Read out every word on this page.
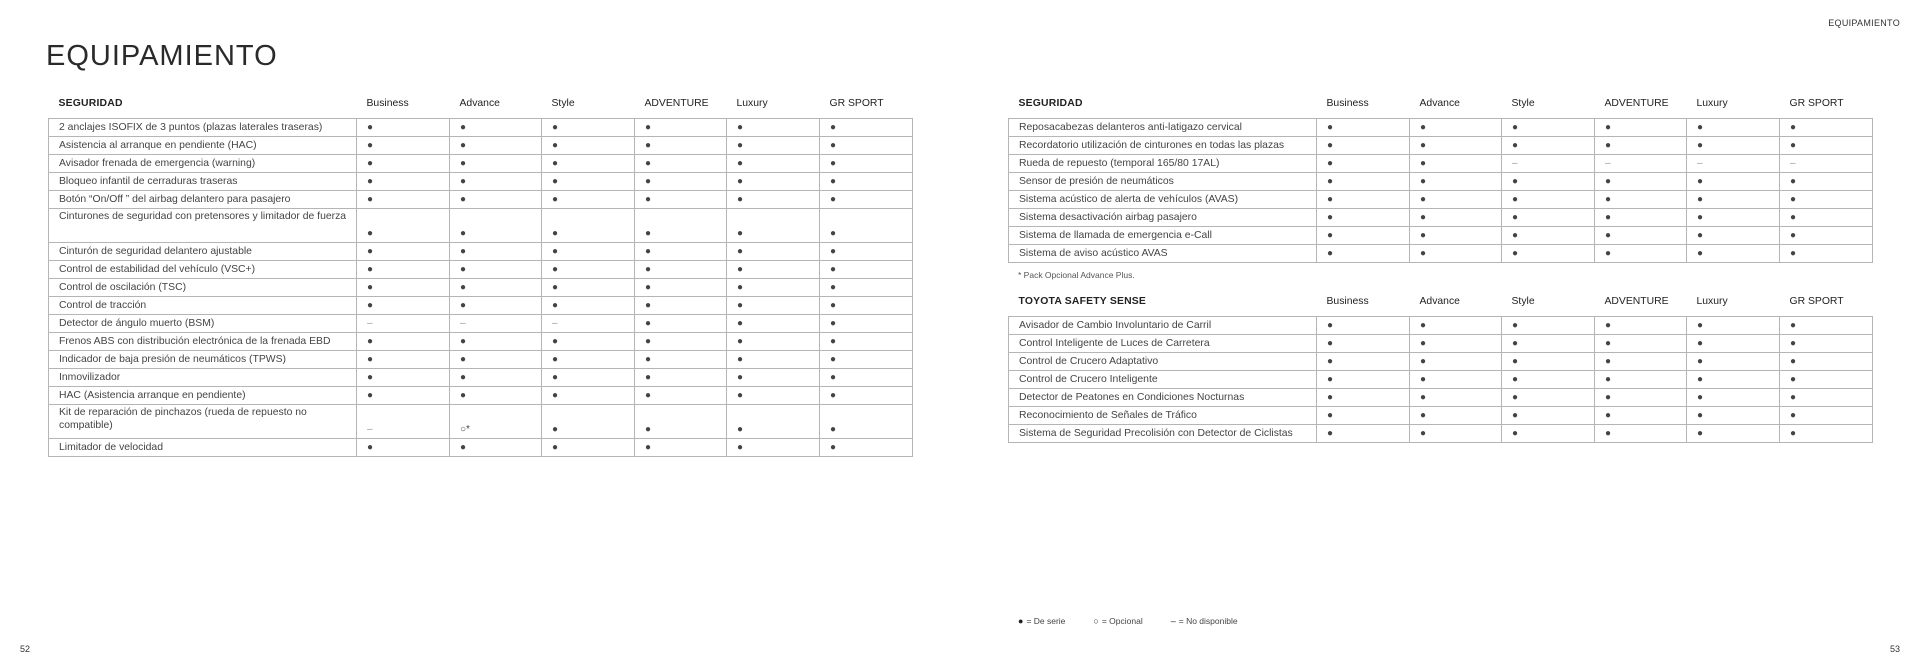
EQUIPAMIENTO
SEGURIDAD	Business	Advance	Style	ADVENTURE	Luxury	GR SPORT

2 anclajes ISOFIX de 3 puntos (plazas laterales traseras)	●	●	●	●	●	●
Asistencia al arranque en pendiente (HAC)	●	●	●	●	●	●
Avisador frenada de emergencia (warning)	●	●	●	●	●	●
Bloqueo infantil de cerraduras traseras	●	●	●	●	●	●
Botón “On/Off ” del airbag delantero para pasajero	●	●	●	●	●	●
Cinturones de seguridad con pretensores y limitador de fuerza	●	●	●	●	●	●
Cinturón de seguridad delantero ajustable	●	●	●	●	●	●
Control de estabilidad del vehículo (VSC+)	●	●	●	●	●	●
Control de oscilación (TSC)	●	●	●	●	●	●
Control de tracción	●	●	●	●	●	●
Detector de ángulo muerto (BSM)	–	–	–	●	●	●
Frenos ABS con distribución electrónica de la frenada EBD	●	●	●	●	●	●
Indicador de baja presión de neumáticos (TPWS)	●	●	●	●	●	●
Inmovilizador	●	●	●	●	●	●
HAC (Asistencia arranque en pendiente)	●	●	●	●	●	●
Kit de reparación de pinchazos (rueda de repuesto no compatible)	–	○*	●	●	●	●
Limitador de velocidad	●	●	●	●	●	●
52
EQUIPAMIENTO
SEGURIDAD	Business	Advance	Style	ADVENTURE	Luxury	GR SPORT

Reposacabezas delanteros anti-latigazo cervical	●	●	●	●	●	●
Recordatorio utilización de cinturones en todas las plazas	●	●	●	●	●	●
Rueda de repuesto (temporal 165/80 17AL)	●	●	–	–	–	–
Sensor de presión de neumáticos	●	●	●	●	●	●
Sistema acústico de alerta de vehículos (AVAS)	●	●	●	●	●	●
Sistema desactivación airbag pasajero	●	●	●	●	●	●
Sistema de llamada de emergencia e-Call	●	●	●	●	●	●
Sistema de aviso acústico AVAS	●	●	●	●	●	●

* Pack Opcional Advance Plus.

TOYOTA SAFETY SENSE	Business	Advance	Style	ADVENTURE	Luxury	GR SPORT

Avisador de Cambio Involuntario de Carril	●	●	●	●	●	●
Control Inteligente de Luces de Carretera	●	●	●	●	●	●
Control de Crucero Adaptativo	●	●	●	●	●	●
Control de Crucero Inteligente	●	●	●	●	●	●
Detector de Peatones en Condiciones Nocturnas	●	●	●	●	●	●
Reconocimiento de Señales de Tráfico	●	●	●	●	●	●
Sistema de Seguridad Precolisión con Detector de Ciclistas	●	●	●	●	●	●
● = De serie	○ = Opcional	– = No disponible
53
